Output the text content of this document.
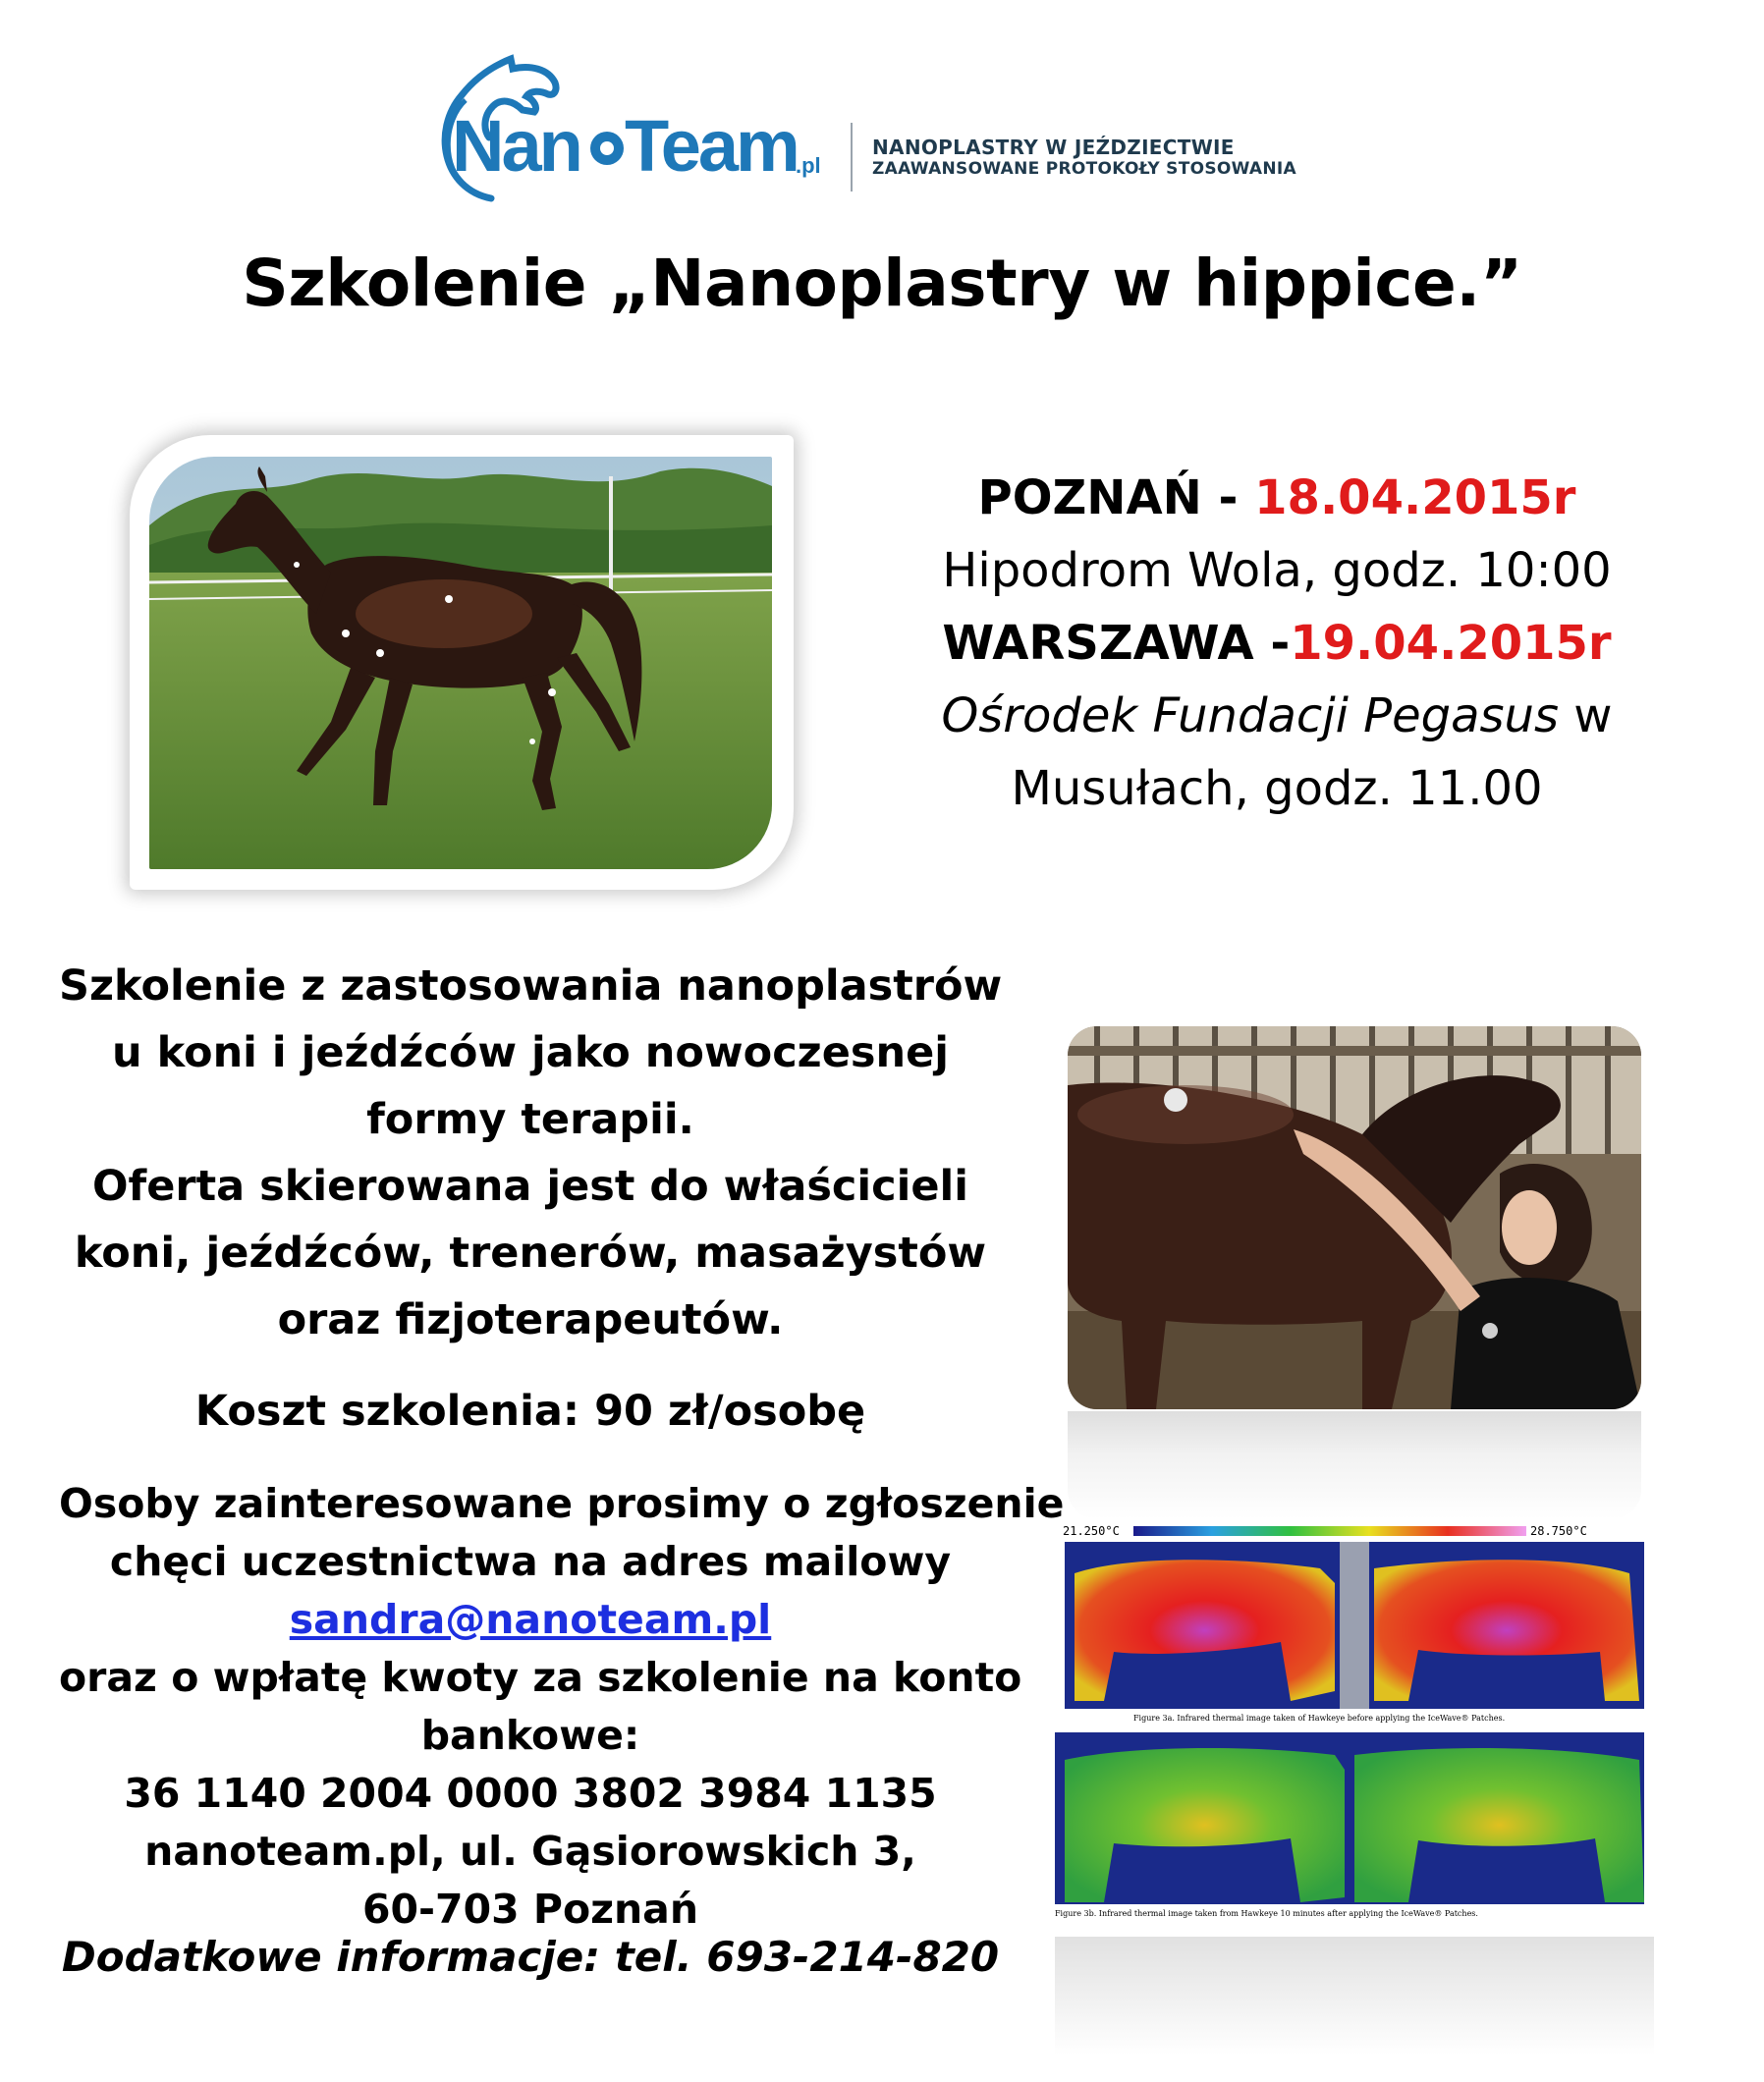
Nan Team
.pl
NANOPLASTRY W JEŹDZIECTWIE
ZAAWANSOWANE PROTOKOŁY STOSOWANIA
Szkolenie „Nanoplastry w hippice.”
POZNAŃ - 18.04.2015r
Hipodrom Wola, godz. 10:00
WARSZAWA -19.04.2015r
Ośrodek Fundacji Pegasus w
Musułach, godz. 11.00
Szkolenie z zastosowania nanoplastrów
u koni i jeźdźców jako nowoczesnej
formy terapii.
Oferta skierowana jest do właścicieli
koni, jeźdźców, trenerów, masażystów
oraz fizjoterapeutów.
Koszt szkolenia: 90 zł/osobę
Osoby zainteresowane prosimy o zgłoszenie
chęci uczestnictwa na adres mailowy
sandra@nanoteam.pl
oraz o wpłatę kwoty za szkolenie na konto
bankowe:
36 1140 2004 0000 3802 3984 1135
nanoteam.pl, ul. Gąsiorowskich 3,
60-703 Poznań
Dodatkowe informacje: tel. 693-214-820
21.250°C	28.750°C
Figure 3a. Infrared thermal image taken of Hawkeye before applying the IceWave® Patches.
Figure 3b. Infrared thermal image taken from Hawkeye 10 minutes after applying the IceWave® Patches.
